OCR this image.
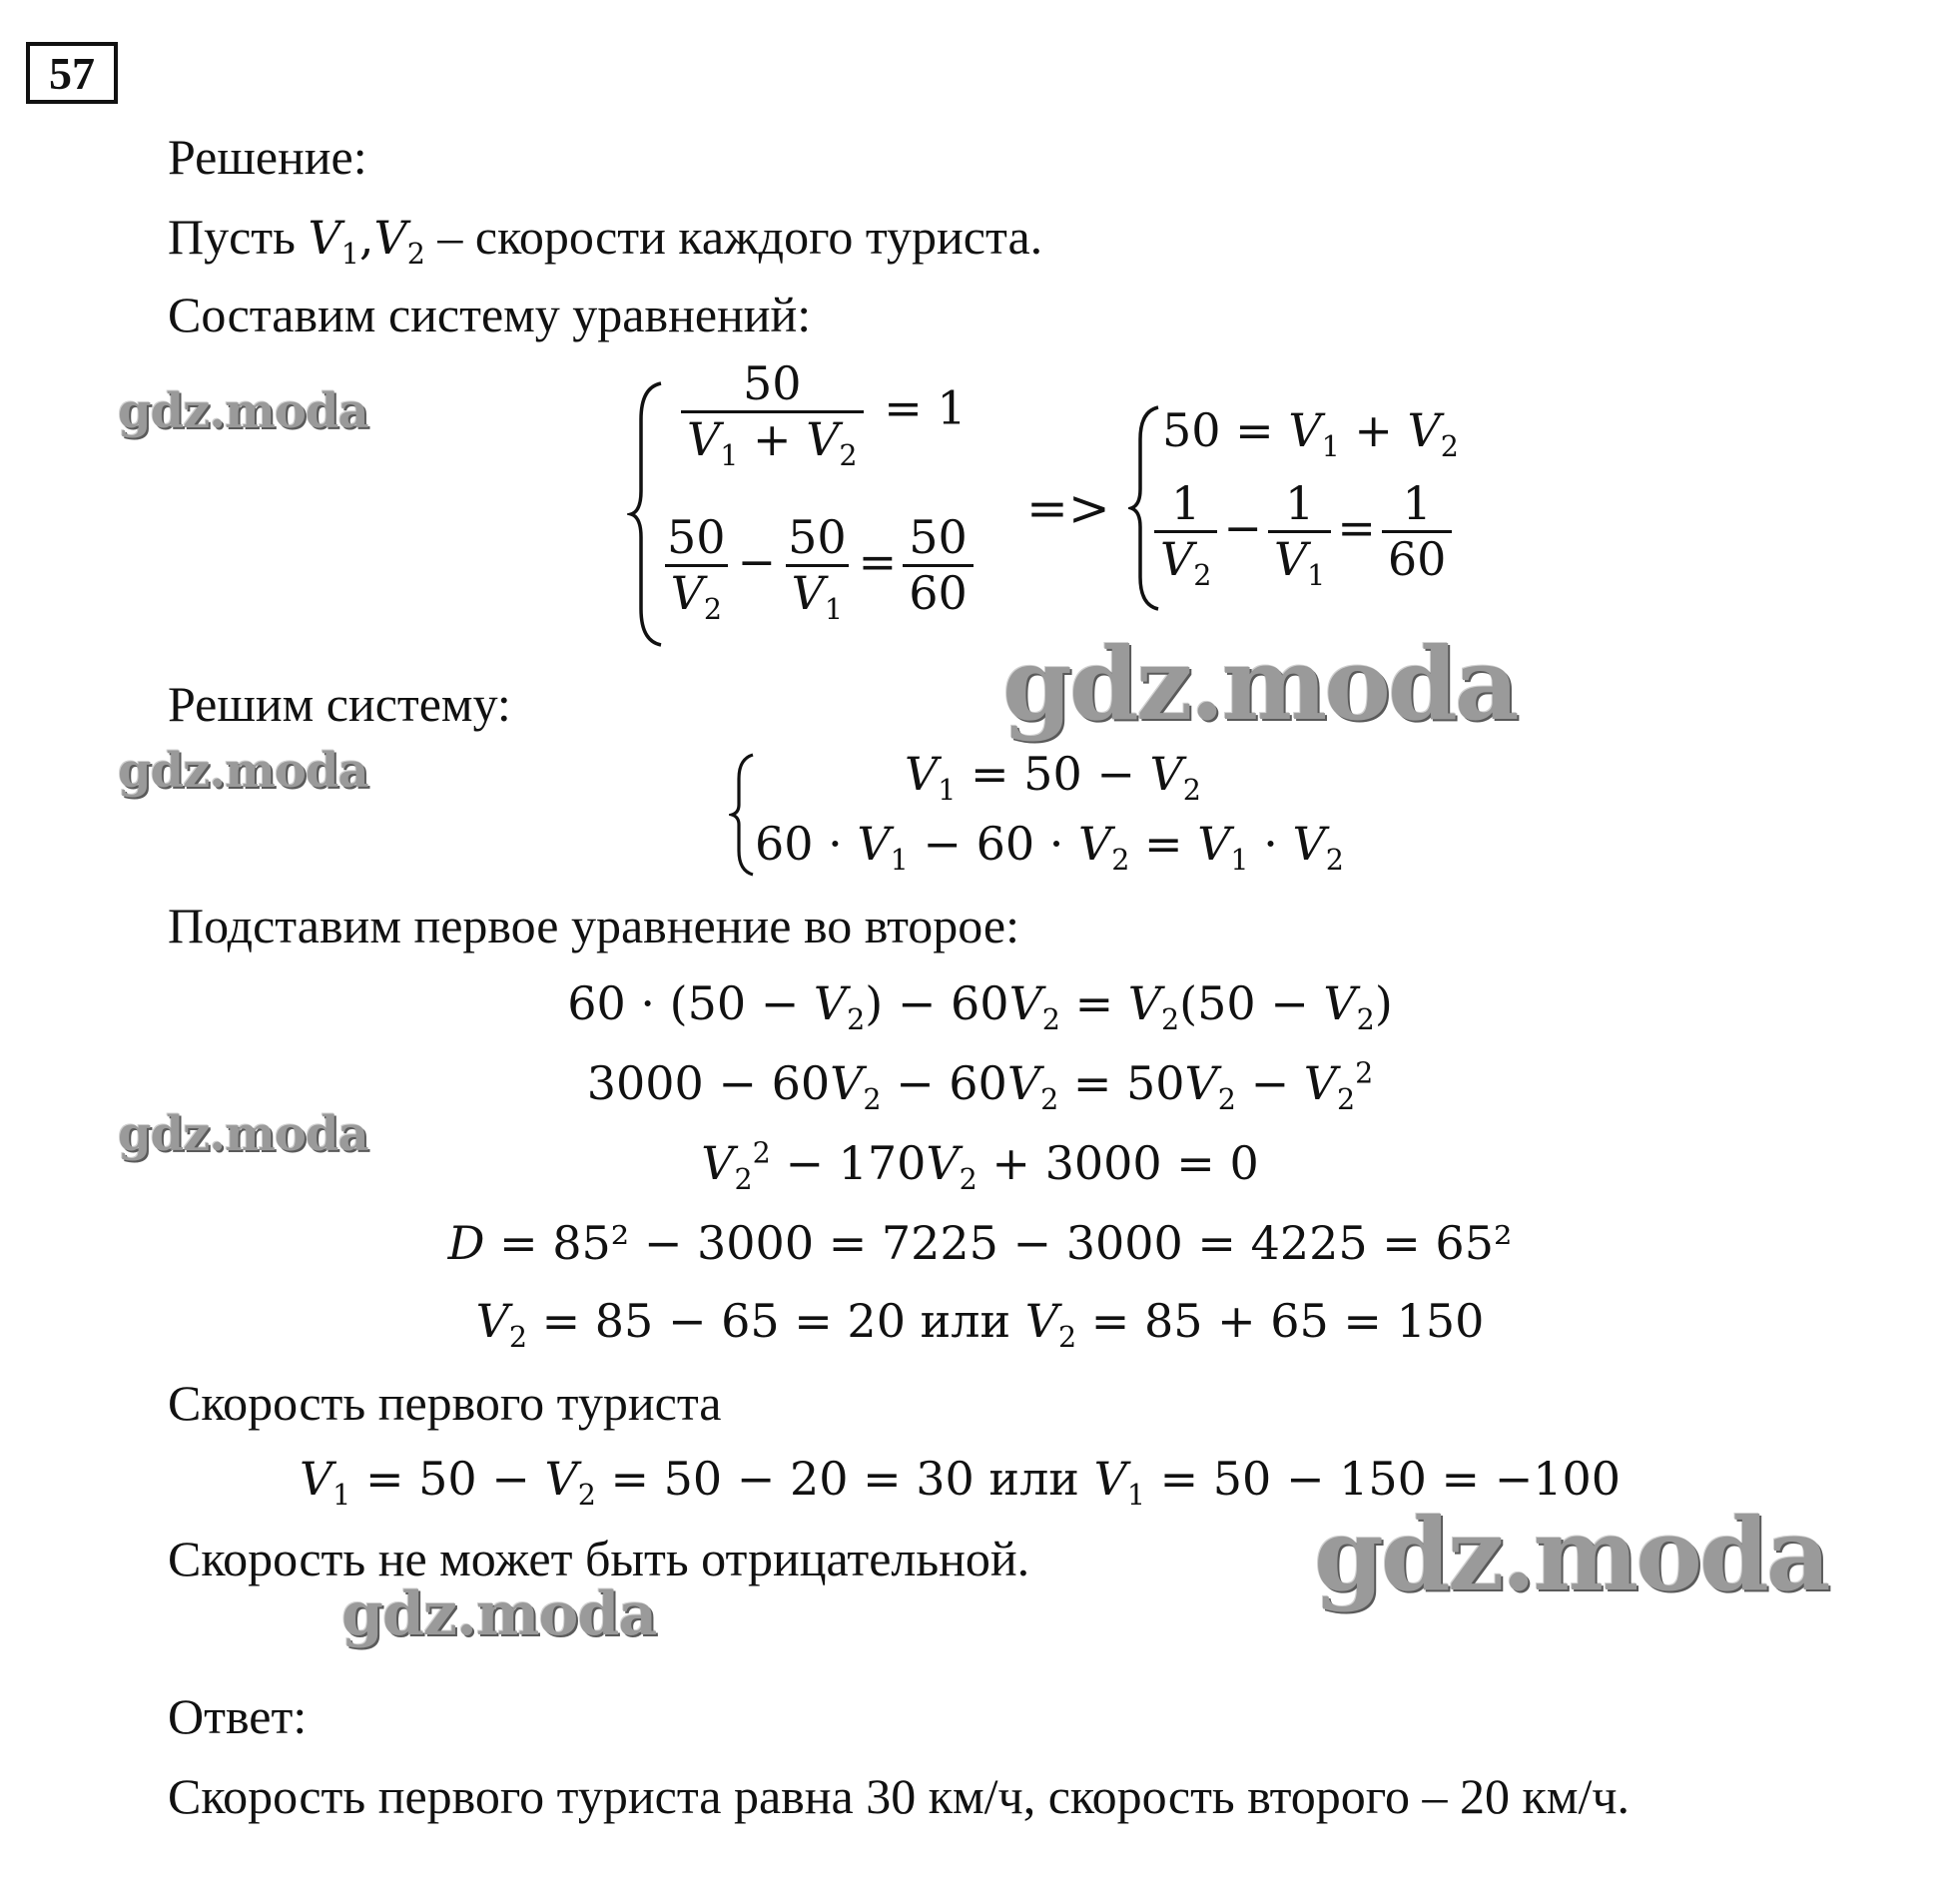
57
Решение:
Пусть $V_1,V_2$ – скорости каждого туриста.
Составим систему уравнений:
$\frac{50}{V_1 + V_2} = 1$
$\frac{50}{V_2} - \frac{50}{V_1} = \frac{50}{60}$
=>
$50 = V_1 + V_2$
$\frac{1}{V_2} - \frac{1}{V_1} = \frac{1}{60}$
Решим систему:
$V_1 = 50 - V_2$
$60 \cdot V_1 - 60 \cdot V_2 = V_1 \cdot V_2$
Подставим первое уравнение во второе:
$60 \cdot (50 - V_2) - 60V_2 = V_2(50 - V_2)$
$3000 - 60V_2 - 60V_2 = 50V_2 - V_2^2$
$V_2^2 - 170V_2 + 3000 = 0$
D = 85² − 3000 = 7225 − 3000 = 4225 = 65²
$V_2 = 85 - 65 = 20$ или $V_2 = 85 + 65 = 150$
Скорость первого туриста
$V_1 = 50 - V_2 = 50 - 20 = 30$ или $V_1 = 50 - 150 = -100$
Скорость не может быть отрицательной.
Ответ:
Скорость первого туриста равна 30 км/ч, скорость второго – 20 км/ч.
gdz.moda
gdz.moda
gdz.moda
gdz.moda
gdz.moda
gdz.moda
